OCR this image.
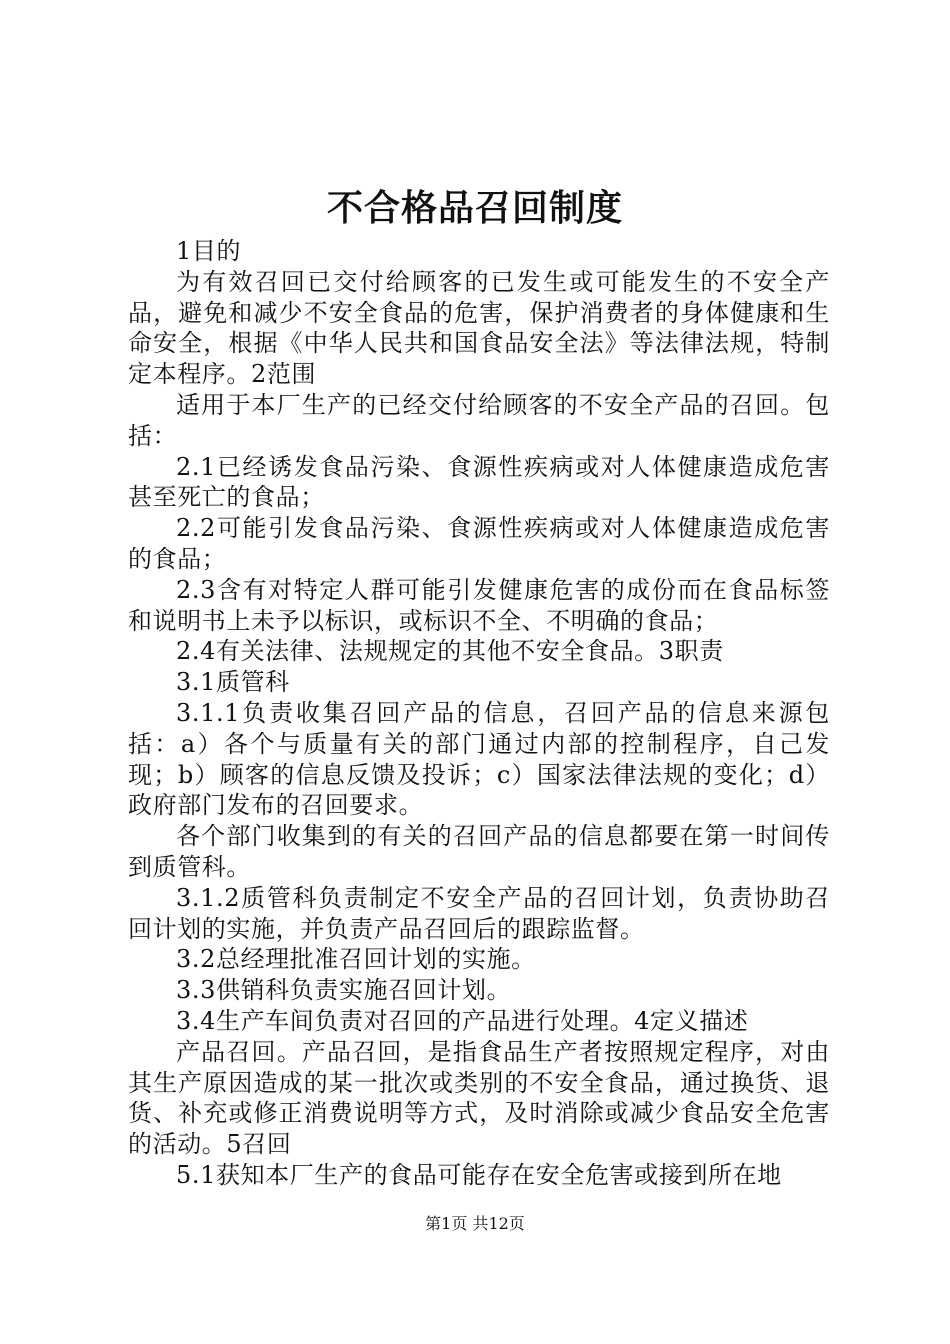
不合格品召回制度

1目的

为有效召回已交付给顾客的已发生或可能发生的不安全产品，避免和减少不安全食品的危害，保护消费者的身体健康和生命安全，根据《中华人民共和国食品安全法》等法律法规，特制定本程序。2范围

适用于本厂生产的已经交付给顾客的不安全产品的召回。包括：

2.1已经诱发食品污染、食源性疾病或对人体健康造成危害甚至死亡的食品；

2.2可能引发食品污染、食源性疾病或对人体健康造成危害的食品；

2.3含有对特定人群可能引发健康危害的成份而在食品标签和说明书上未予以标识，或标识不全、不明确的食品；

2.4有关法律、法规规定的其他不安全食品。3职责

3.1质管科

3.1.1负责收集召回产品的信息，召回产品的信息来源包括：a）各个与质量有关的部门通过内部的控制程序，自己发现；b）顾客的信息反馈及投诉；c）国家法律法规的变化；d）政府部门发布的召回要求。

各个部门收集到的有关的召回产品的信息都要在第一时间传到质管科。

3.1.2质管科负责制定不安全产品的召回计划，负责协助召回计划的实施，并负责产品召回后的跟踪监督。

3.2总经理批准召回计划的实施。

3.3供销科负责实施召回计划。

3.4生产车间负责对召回的产品进行处理。4定义描述

产品召回。产品召回，是指食品生产者按照规定程序，对由其生产原因造成的某一批次或类别的不安全食品，通过换货、退货、补充或修正消费说明等方式，及时消除或减少食品安全危害的活动。5召回

5.1获知本厂生产的食品可能存在安全危害或接到所在地

第1页 共12页
